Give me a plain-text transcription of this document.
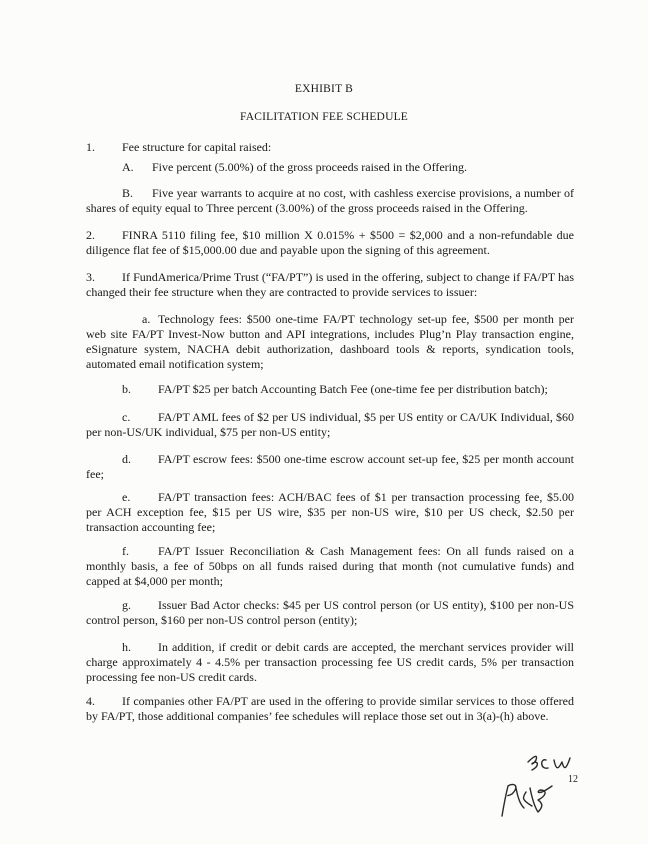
EXHIBIT B
FACILITATION FEE SCHEDULE
1. Fee structure for capital raised:
A. Five percent (5.00%) of the gross proceeds raised in the Offering.
B. Five year warrants to acquire at no cost, with cashless exercise provisions, a number of shares of equity equal to Three percent (3.00%) of the gross proceeds raised in the Offering.
2. FINRA 5110 filing fee, $10 million X 0.015% + $500 = $2,000 and a non-refundable due diligence flat fee of $15,000.00 due and payable upon the signing of this agreement.
3. If FundAmerica/Prime Trust (“FA/PT”) is used in the offering, subject to change if FA/PT has changed their fee structure when they are contracted to provide services to issuer:
a. Technology fees: $500 one-time FA/PT technology set-up fee, $500 per month per web site FA/PT Invest-Now button and API integrations, includes Plug’n Play transaction engine, eSignature system, NACHA debit authorization, dashboard tools & reports, syndication tools, automated email notification system;
b. FA/PT $25 per batch Accounting Batch Fee (one-time fee per distribution batch);
c. FA/PT AML fees of $2 per US individual, $5 per US entity or CA/UK Individual, $60 per non-US/UK individual, $75 per non-US entity;
d. FA/PT escrow fees: $500 one-time escrow account set-up fee, $25 per month account fee;
e. FA/PT transaction fees: ACH/BAC fees of $1 per transaction processing fee, $5.00 per ACH exception fee, $15 per US wire, $35 per non-US wire, $10 per US check, $2.50 per transaction accounting fee;
f. FA/PT Issuer Reconciliation & Cash Management fees: On all funds raised on a monthly basis, a fee of 50bps on all funds raised during that month (not cumulative funds) and capped at $4,000 per month;
g. Issuer Bad Actor checks: $45 per US control person (or US entity), $100 per non-US control person, $160 per non-US control person (entity);
h. In addition, if credit or debit cards are accepted, the merchant services provider will charge approximately 4 - 4.5% per transaction processing fee US credit cards, 5% per transaction processing fee non-US credit cards.
4. If companies other FA/PT are used in the offering to provide similar services to those offered by FA/PT, those additional companies’ fee schedules will replace those set out in 3(a)-(h) above.
12
